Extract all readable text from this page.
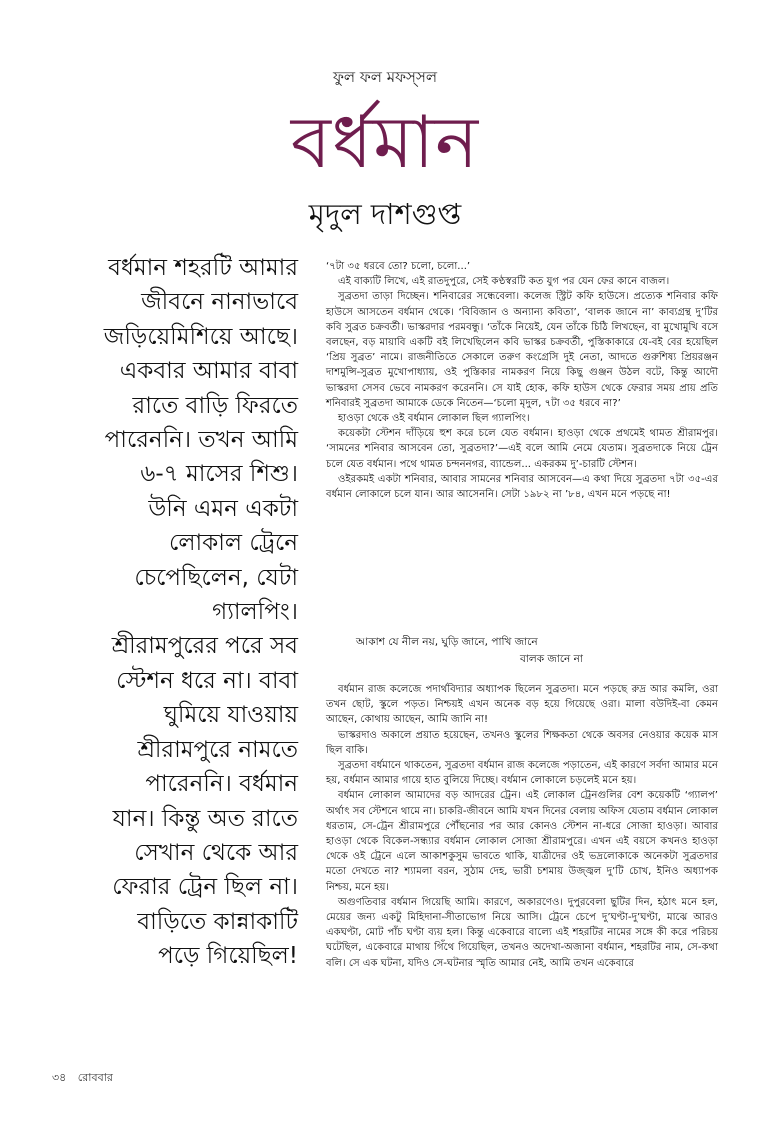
ফুল ফল মফস্‌সল
বর্ধমান
মৃদুল দাশগুপ্ত
বর্ধমান শহরটি আমার
জীবনে নানাভাবে
জড়িয়েমিশিয়ে আছে।
একবার আমার বাবা
রাতে বাড়ি ফিরতে
পারেননি। তখন আমি
৬-৭ মাসের শিশু।
উনি এমন একটা
লোকাল ট্রেনে
চেপেছিলেন, যেটা
গ্যালপিং।
শ্রীরামপুরের পরে সব
স্টেশন ধরে না। বাবা
ঘুমিয়ে যাওয়ায়
শ্রীরামপুরে নামতে
পারেননি। বর্ধমান
যান। কিন্তু অত রাতে
সেখান থেকে আর
ফেরার ট্রেন ছিল না।
বাড়িতে কান্নাকাটি
পড়ে গিয়েছিল!

‘৭টা ৩৫ ধরবে তো? চলো, চলো...’

এই বাক্যটি লিখে, এই রাতদুপুরে, সেই কণ্ঠস্বরটি কত যুগ পর যেন ফের কানে বাজল।

সুব্রতদা তাড়া দিচ্ছেন। শনিবারের সন্ধেবেলা। কলেজ স্ট্রিট কফি হাউসে। প্রত্যেক শনিবার কফি হাউসে আসতেন বর্ধমান থেকে। ‘বিবিজান ও অন্যান্য কবিতা’, ‘বালক জানে না’ কাব্যগ্রন্থ দু’টির কবি সুব্রত চক্রবর্তী। ভাস্করদার পরমবন্ধু। ‘তাঁকে নিয়েই, যেন তাঁকে চিঠি লিখছেন, বা মুখোমুখি বসে বলছেন, বড় মায়াবি একটি বই লিখেছিলেন কবি ভাস্কর চক্রবর্তী, পুস্তিকাকারে যে-বই বের হয়েছিল ‘প্রিয় সুব্রত’ নামে। রাজনীতিতে সেকালে তরুণ কংগ্রেসি দুই নেতা, আদতে গুরুশিষ্য প্রিয়রঞ্জন দাশমুন্সি-সুব্রত মুখোপাধ্যায়, ওই পুস্তিকার নামকরণ নিয়ে কিছু গুঞ্জন উঠল বটে, কিন্তু আদৌ ভাস্করদা সেসব ভেবে নামকরণ করেননি। সে যাই হোক, কফি হাউস থেকে ফেরার সময় প্রায় প্রতি শনিবারই সুব্রতদা আমাকে ডেকে নিতেন—‘চলো মৃদুল, ৭টা ৩৫ ধরবে না?’

হাওড়া থেকে ওই বর্ধমান লোকাল ছিল গ্যালপিং।

কয়েকটা স্টেশন দাঁড়িয়ে হুশ করে চলে যেত বর্ধমান। হাওড়া থেকে প্রথমেই থামত শ্রীরামপুর। ‘সামনের শনিবার আসবেন তো, সুব্রতদা?’—এই বলে আমি নেমে যেতাম। সুব্রতদাকে নিয়ে ট্রেন চলে যেত বর্ধমান। পথে থামত চন্দননগর, ব্যান্ডেল... একরকম দু’-চারটি স্টেশন।

ওইরকমই একটা শনিবার, আবার সামনের শনিবার আসবেন—এ কথা দিয়ে সুব্রতদা ৭টা ৩৫-এর বর্ধমান লোকালে চলে যান। আর আসেননি। সেটা ১৯৮২ না ’৮৪, এখন মনে পড়ছে না!

আকাশ যে নীল নয়, ঘুড়ি জানে, পাখি জানে
বালক জানে না

বর্ধমান রাজ কলেজে পদার্থবিদ্যার অধ্যাপক ছিলেন সুব্রতদা। মনে পড়ছে রুদ্র আর কমলি, ওরা তখন ছোট, স্কুলে পড়ত। নিশ্চয়ই এখন অনেক বড় হয়ে গিয়েছে ওরা। মালা বউদিই-বা কেমন আছেন, কোথায় আছেন, আমি জানি না!

ভাস্করদাও অকালে প্রয়াত হয়েছেন, তখনও স্কুলের শিক্ষকতা থেকে অবসর নেওয়ার কয়েক মাস ছিল বাকি।

সুব্রতদা বর্ধমানে থাকতেন, সুব্রতদা বর্ধমান রাজ কলেজে পড়াতেন, এই কারণে সর্বদা আমার মনে হয়, বর্ধমান আমার গায়ে হাত বুলিয়ে দিচ্ছে। বর্ধমান লোকালে চড়লেই মনে হয়।

বর্ধমান লোকাল আমাদের বড় আদরের ট্রেন। এই লোকাল ট্রেনগুলির বেশ কয়েকটি ‘গ্যালপ’ অর্থাৎ সব স্টেশনে থামে না। চাকরি-জীবনে আমি যখন দিনের বেলায় অফিস যেতাম বর্ধমান লোকাল ধরতাম, সে-ট্রেন শ্রীরামপুরে পৌঁছনোর পর আর কোনও স্টেশন না-ধরে সোজা হাওড়া। আবার হাওড়া থেকে বিকেল-সন্ধ্যার বর্ধমান লোকাল সোজা শ্রীরামপুরে। এখন এই বয়সে কখনও হাওড়া থেকে ওই ট্রেনে এলে আকাশকুসুম ভাবতে থাকি, যাত্রীদের ওই ভদ্রলোকাকে অনেকটা সুব্রতদার মতো দেখতে না? শ্যামলা বরন, সুঠাম দেহ, ভারী চশমায় উজ্জ্বল দু’টি চোখ, ইনিও অধ্যাপক নিশ্চয়, মনে হয়।

অগুণতিবার বর্ধমান গিয়েছি আমি। কারণে, অকারণেও। দুপুরবেলা ছুটির দিন, হঠাৎ মনে হল, মেয়ের জন্য একটু মিহিদানা-সীতাভোগ নিয়ে আসি। ট্রেনে চেপে দু’ঘণ্টা-দু’ঘণ্টা, মাঝে আরও একঘণ্টা, মোট পাঁচ ঘণ্টা ব্যয় হল। কিন্তু একেবারে বাল্যে এই শহরটির নামের সঙ্গে কী করে পরিচয় ঘটেছিল, একেবারে মাথায় গিঁথে গিয়েছিল, তখনও অদেখা-অজানা বর্ধমান, শহরটির নাম, সে-কথা বলি। সে এক ঘটনা, যদিও সে-ঘটনার স্মৃতি আমার নেই, আমি তখন একেবারে

৩৪ রোববার
